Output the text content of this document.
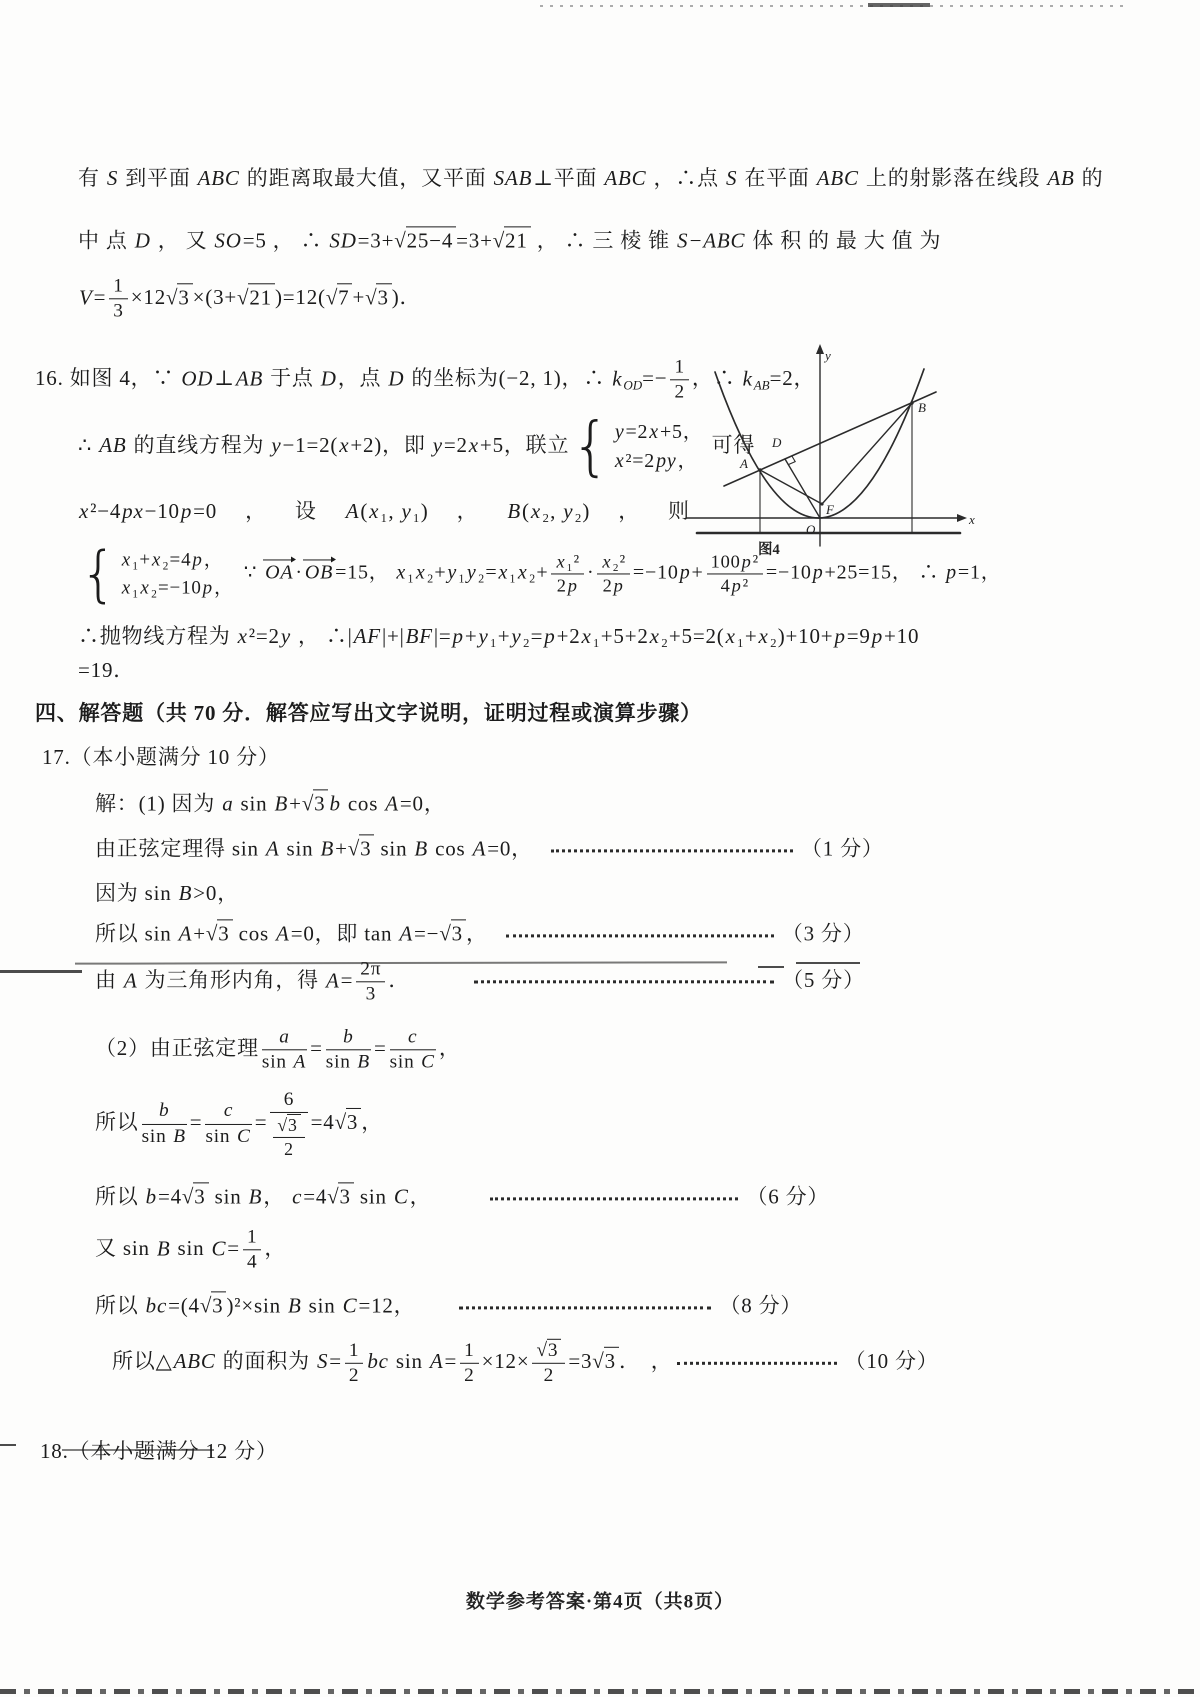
有 S 到平面 ABC 的距离取最大值，又平面 SAB⊥平面 ABC ，∴点 S 在平面 ABC 上的射影落在线段 AB 的
中 点 D ， 又 SO=5 ， ∴ SD=3+√25−4 =3+√21 ， ∴ 三 棱 锥 S−ABC 体 积 的 最 大 值 为
$V= \frac{1}{3} \times 12√3 \times(3+√21$ )=12(√7 +√3 )．
16. 如图 4，∵ OD⊥AB 于点 D，点 D 的坐标为(−2, 1)，∴ $k_{OD}=- \frac{1}{2}$ ，∴ $k_{AB}=2$，
∴ AB 的直线方程为 y−1=2(x+2)，即 y=2x+5，联立 { y=2x+5，
x²=2py，
可得
x²−4px−10p=0 ， 设 A(x₁, y₁) ， B(x₂, y₂) ， 则
{ x₁+x₂=4p，
x₁x₂=−10p，
∵ OA · OB =15， $x_1x_2+y_1y_2=x_1x_2+ \frac{\text{x₁²}}{2p} \cdot \frac{\text{x₂²}}{2p} =-10p+ \frac{\text{100p²}}{\text{4p²}} =-10p+25=15$， ∴ p=1，
∴抛物线方程为 x²=2y ， ∴|AF|+|BF|=p+y₁+y₂=p+2x₁+5+2x₂+5=2(x₁+x₂)+10+p=9p+10
=19．
四、解答题（共 70 分．解答应写出文字说明，证明过程或演算步骤）
17.（本小题满分 10 分）
解：(1) 因为 a sin B+√3 b cos A=0，
由正弦定理得 sin A sin B+√3 sin B cos A=0，	（1 分）
因为 sin B>0，
所以 sin A+√3 cos A=0，即 tan A=−√3 ，	（3 分）
由 A 为三角形内角，得 $A= \frac{2\pi}{3}$ ．	（5 分）
（2）由正弦定理 $\frac{a}{\text{sin A}} = \frac{b}{\text{sin B}} = \frac{c}{\text{sin C}}$ ，
所以 $\frac{b}{\text{sin B}} = \frac{c}{\text{sin C}} = \frac{6}{\frac{√3}{2}} =4√3$ ，
所以 b=4√3 sin B， c=4√3 sin C，	（6 分）
又 sin B $\sin C= \frac{1}{4}$ ，
所以 bc=(4√3 )²×sin B sin C=12，	（8 分）
所以△ABC 的面积为 $S= \frac{1}{2}$ bc $\sin A= \frac{1}{2} \times 12\times \frac{√3}{2} =3√3$ ． ，	（10 分）
18.（本小题满分 12 分）
y
x
A
D
B
F
O
图4
数学参考答案·第4页（共8页）
